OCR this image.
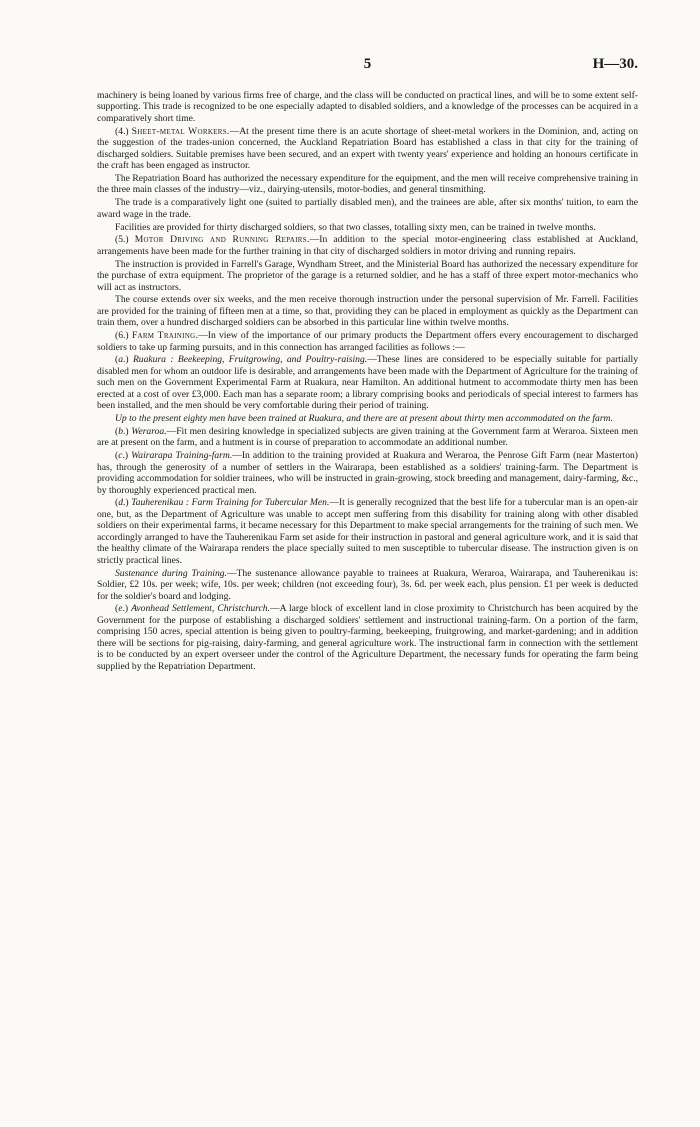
5	H—30.

machinery is being loaned by various firms free of charge, and the class will be conducted on practical lines, and will be to some extent self-supporting. This trade is recognized to be one especially adapted to disabled soldiers, and a knowledge of the processes can be acquired in a comparatively short time.

(4.) Sheet-metal Workers.—At the present time there is an acute shortage of sheet-metal workers in the Dominion, and, acting on the suggestion of the trades-union concerned, the Auckland Repatriation Board has established a class in that city for the training of discharged soldiers. Suitable premises have been secured, and an expert with twenty years' experience and holding an honours certificate in the craft has been engaged as instructor.

The Repatriation Board has authorized the necessary expenditure for the equipment, and the men will receive comprehensive training in the three main classes of the industry—viz., dairying-utensils, motor-bodies, and general tinsmithing.

The trade is a comparatively light one (suited to partially disabled men), and the trainees are able, after six months' tuition, to earn the award wage in the trade.

Facilities are provided for thirty discharged soldiers, so that two classes, totalling sixty men, can be trained in twelve months.

(5.) Motor Driving and Running Repairs.—In addition to the special motor-engineering class established at Auckland, arrangements have been made for the further training in that city of discharged soldiers in motor driving and running repairs.

The instruction is provided in Farrell's Garage, Wyndham Street, and the Ministerial Board has authorized the necessary expenditure for the purchase of extra equipment. The proprietor of the garage is a returned soldier, and he has a staff of three expert motor-mechanics who will act as instructors.

The course extends over six weeks, and the men receive thorough instruction under the personal supervision of Mr. Farrell. Facilities are provided for the training of fifteen men at a time, so that, providing they can be placed in employment as quickly as the Department can train them, over a hundred discharged soldiers can be absorbed in this particular line within twelve months.

(6.) Farm Training.—In view of the importance of our primary products the Department offers every encouragement to discharged soldiers to take up farming pursuits, and in this connection has arranged facilities as follows :—

(a.) Ruakura : Beekeeping, Fruitgrowing, and Poultry-raising.—These lines are considered to be especially suitable for partially disabled men for whom an outdoor life is desirable, and arrangements have been made with the Department of Agriculture for the training of such men on the Government Experimental Farm at Ruakura, near Hamilton. An additional hutment to accommodate thirty men has been erected at a cost of over £3,000. Each man has a separate room; a library comprising books and periodicals of special interest to farmers has been installed, and the men should be very comfortable during their period of training.

Up to the present eighty men have been trained at Ruakura, and there are at present about thirty men accommodated on the farm.

(b.) Weraroa.—Fit men desiring knowledge in specialized subjects are given training at the Government farm at Weraroa. Sixteen men are at present on the farm, and a hutment is in course of preparation to accommodate an additional number.

(c.) Wairarapa Training-farm.—In addition to the training provided at Ruakura and Weraroa, the Penrose Gift Farm (near Masterton) has, through the generosity of a number of settlers in the Wairarapa, been established as a soldiers' training-farm. The Department is providing accommodation for soldier trainees, who will be instructed in grain-growing, stock breeding and management, dairy-farming, &c., by thoroughly experienced practical men.

(d.) Tauherenikau : Farm Training for Tubercular Men.—It is generally recognized that the best life for a tubercular man is an open-air one, but, as the Department of Agriculture was unable to accept men suffering from this disability for training along with other disabled soldiers on their experimental farms, it became necessary for this Department to make special arrangements for the training of such men. We accordingly arranged to have the Tauherenikau Farm set aside for their instruction in pastoral and general agriculture work, and it is said that the healthy climate of the Wairarapa renders the place specially suited to men susceptible to tubercular disease. The instruction given is on strictly practical lines.

Sustenance during Training.—The sustenance allowance payable to trainees at Ruakura, Weraroa, Wairarapa, and Tauherenikau is: Soldier, £2 10s. per week; wife, 10s. per week; children (not exceeding four), 3s. 6d. per week each, plus pension. £1 per week is deducted for the soldier's board and lodging.

(e.) Avonhead Settlement, Christchurch.—A large block of excellent land in close proximity to Christchurch has been acquired by the Government for the purpose of establishing a discharged soldiers' settlement and instructional training-farm. On a portion of the farm, comprising 150 acres, special attention is being given to poultry-farming, beekeeping, fruitgrowing, and market-gardening; and in addition there will be sections for pig-raising, dairy-farming, and general agriculture work. The instructional farm in connection with the settlement is to be conducted by an expert overseer under the control of the Agriculture Department, the necessary funds for operating the farm being supplied by the Repatriation Department.
